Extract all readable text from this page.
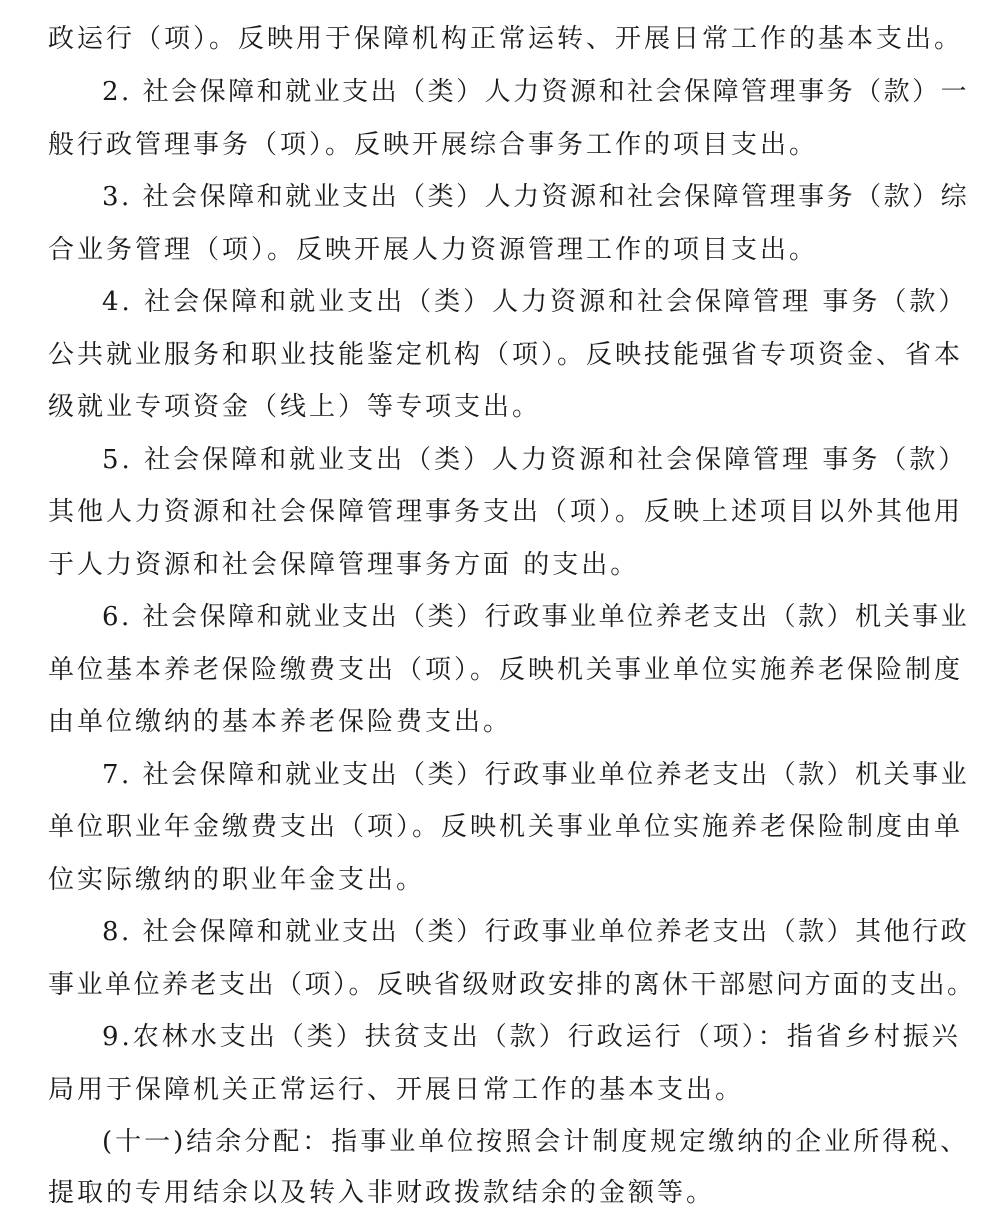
政运行（项）。反映用于保障机构正常运转、开展日常工作的基本支出。
2. 社会保障和就业支出（类）人力资源和社会保障管理事务（款）一
般行政管理事务（项）。反映开展综合事务工作的项目支出。
3. 社会保障和就业支出（类）人力资源和社会保障管理事务（款）综
合业务管理（项）。反映开展人力资源管理工作的项目支出。
4. 社会保障和就业支出（类）人力资源和社会保障管理 事务（款）
公共就业服务和职业技能鉴定机构（项）。反映技能强省专项资金、省本
级就业专项资金（线上）等专项支出。
5. 社会保障和就业支出（类）人力资源和社会保障管理 事务（款）
其他人力资源和社会保障管理事务支出（项）。反映上述项目以外其他用
于人力资源和社会保障管理事务方面 的支出。
6. 社会保障和就业支出（类）行政事业单位养老支出（款）机关事业
单位基本养老保险缴费支出（项）。反映机关事业单位实施养老保险制度
由单位缴纳的基本养老保险费支出。
7. 社会保障和就业支出（类）行政事业单位养老支出（款）机关事业
单位职业年金缴费支出（项）。反映机关事业单位实施养老保险制度由单
位实际缴纳的职业年金支出。
8. 社会保障和就业支出（类）行政事业单位养老支出（款）其他行政
事业单位养老支出（项）。反映省级财政安排的离休干部慰问方面的支出。
9.农林水支出（类）扶贫支出（款）行政运行（项）：指省乡村振兴
局用于保障机关正常运行、开展日常工作的基本支出。
(十一)结余分配：指事业单位按照会计制度规定缴纳的企业所得税、
提取的专用结余以及转入非财政拨款结余的金额等。
